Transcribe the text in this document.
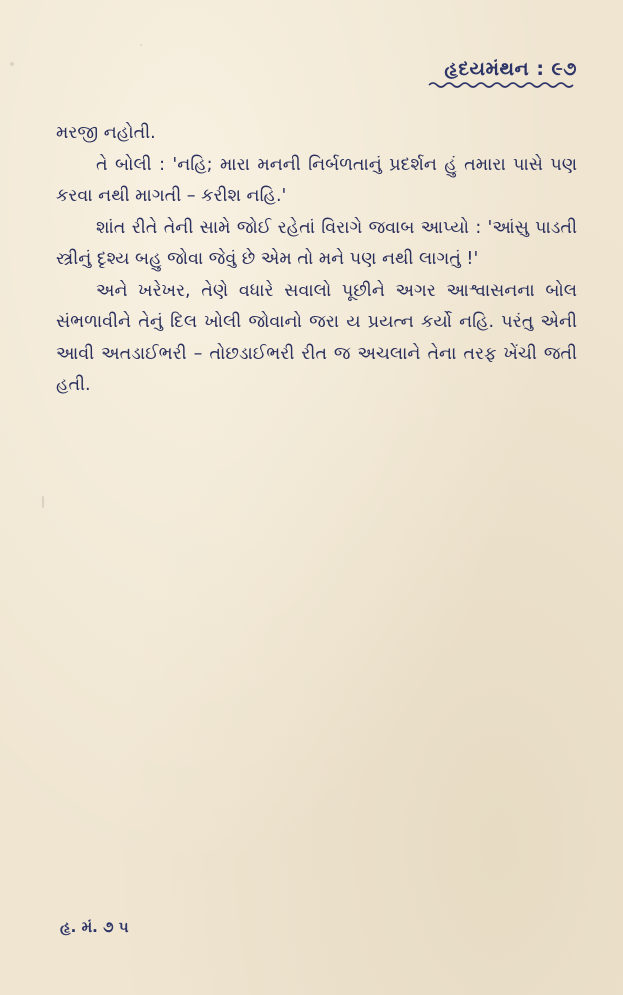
હૃદયમંથન : ૯૭

મરજી નહોતી.

તે બોલી : 'નહિ; મારા મનની નિર્બળતાનું પ્રદર્શન હું તમારા પાસે પણ કરવા નથી માગતી – કરીશ નહિ.'

શાંત રીતે તેની સામે જોઈ રહેતાં વિરાગે જવાબ આપ્યો : 'આંસુ પાડતી સ્ત્રીનું દૃશ્ય બહુ જોવા જેવું છે એમ તો મને પણ નથી લાગતું !'

અને ખરેખર, તેણે વધારે સવાલો પૂછીને અગર આશ્વાસનના બોલ સંભળાવીને તેનું દિલ ખોલી જોવાનો જરા ય પ્રયત્ન કર્યો નહિ. પરંતુ એની આવી અતડાઈભરી – તોછડાઈભરી રીત જ અચલાને તેના તરફ ખેંચી જતી હતી.

હૃ. મં. ૭ ૫
